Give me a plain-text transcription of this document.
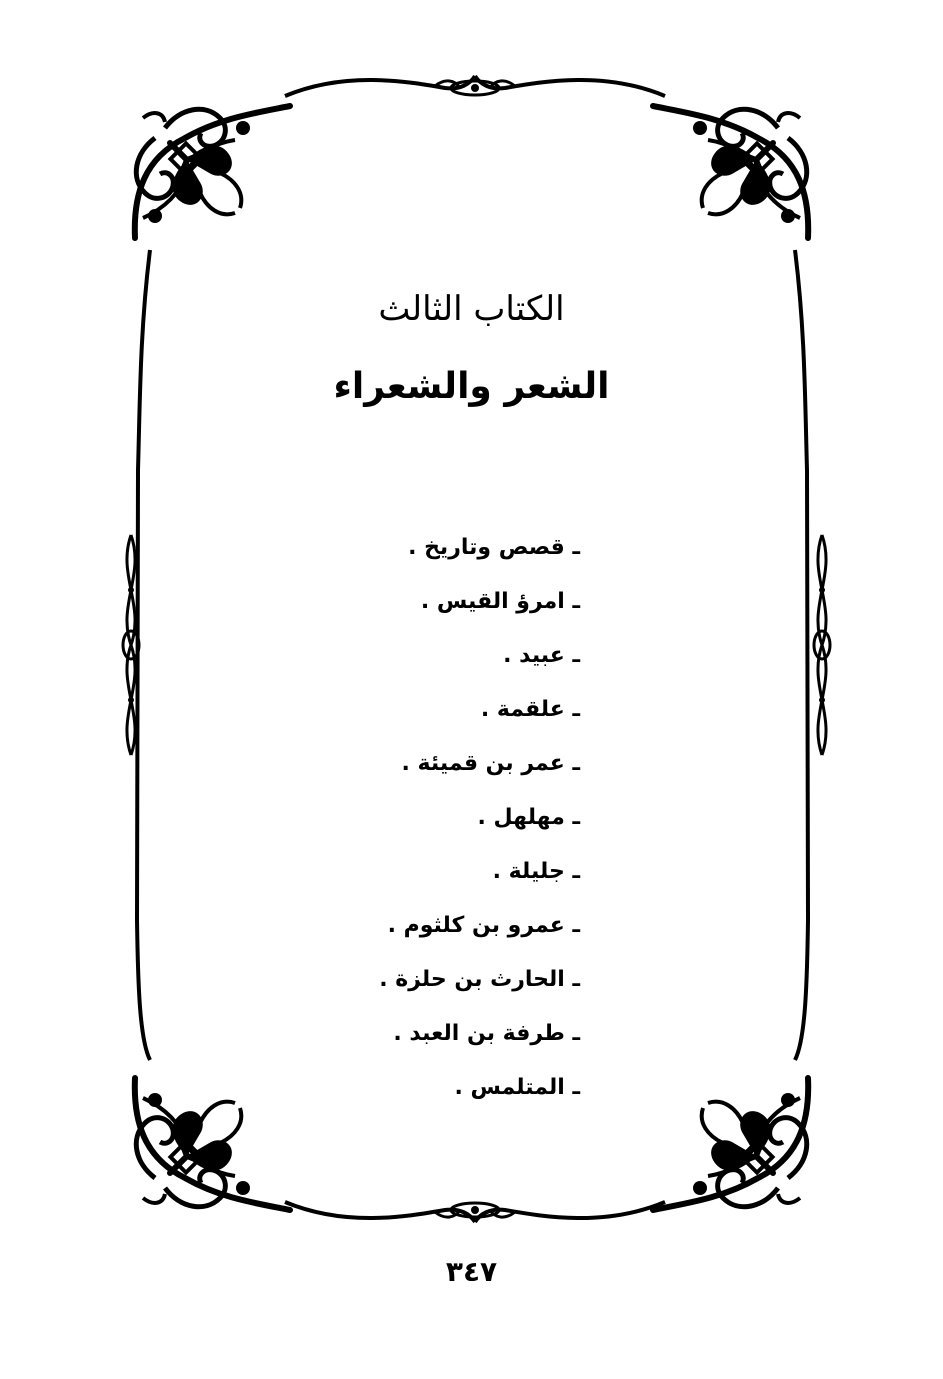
الكتاب الثالث
الشعر والشعراء
ـ قصص وتاريخ .
ـ امرؤ القيس .
ـ عبيد .
ـ علقمة .
ـ عمر بن قميئة .
ـ مهلهل .
ـ جليلة .
ـ عمرو بن كلثوم .
ـ الحارث بن حلزة .
ـ طرفة بن العبد .
ـ المتلمس .
٣٤٧
